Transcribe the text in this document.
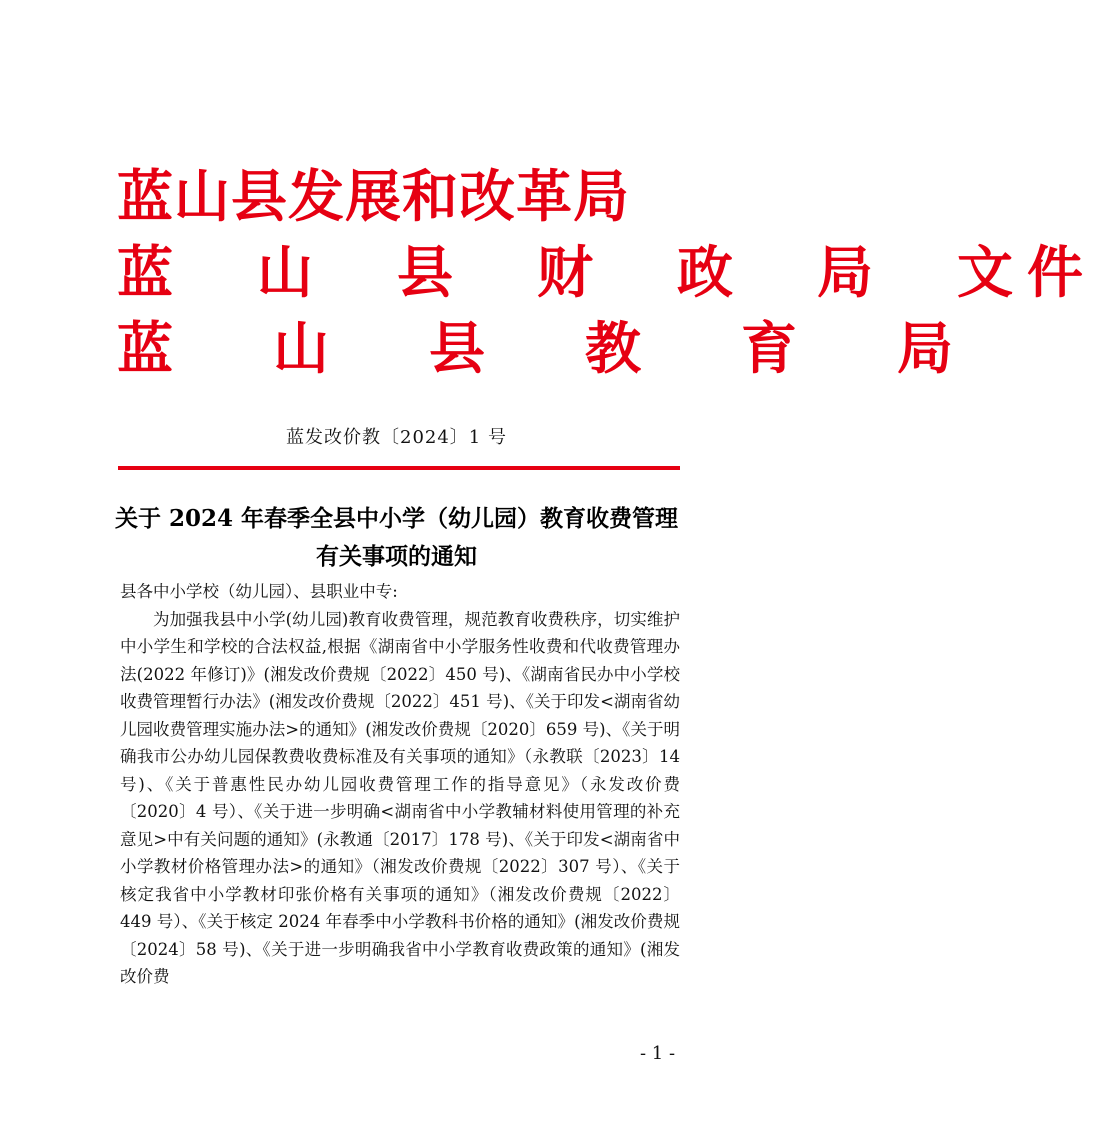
蓝山县发展和改革局
蓝　山　县　财　政　局　文件
蓝　山　县　教　育　局
蓝发改价教〔2024〕1 号
关于 2024 年春季全县中小学（幼儿园）教育收费管理有关事项的通知

县各中小学校（幼儿园）、县职业中专:

为加强我县中小学(幼儿园)教育收费管理，规范教育收费秩序，切实维护中小学生和学校的合法权益,根据《湖南省中小学服务性收费和代收费管理办法(2022 年修订)》(湘发改价费规〔2022〕450 号)、《湖南省民办中小学校收费管理暂行办法》(湘发改价费规〔2022〕451 号)、《关于印发<湖南省幼儿园收费管理实施办法>的通知》(湘发改价费规〔2020〕659 号)、《关于明确我市公办幼儿园保教费收费标准及有关事项的通知》（永教联〔2023〕14 号)、《关于普惠性民办幼儿园收费管理工作的指导意见》（永发改价费〔2020〕4 号）、《关于进一步明确<湖南省中小学教辅材料使用管理的补充意见>中有关问题的通知》(永教通〔2017〕178 号)、《关于印发<湖南省中小学教材价格管理办法>的通知》（湘发改价费规〔2022〕307 号）、《关于核定我省中小学教材印张价格有关事项的通知》（湘发改价费规〔2022〕449 号）、《关于核定 2024 年春季中小学教科书价格的通知》(湘发改价费规〔2024〕58 号)、《关于进一步明确我省中小学教育收费政策的通知》(湘发改价费

- 1 -
